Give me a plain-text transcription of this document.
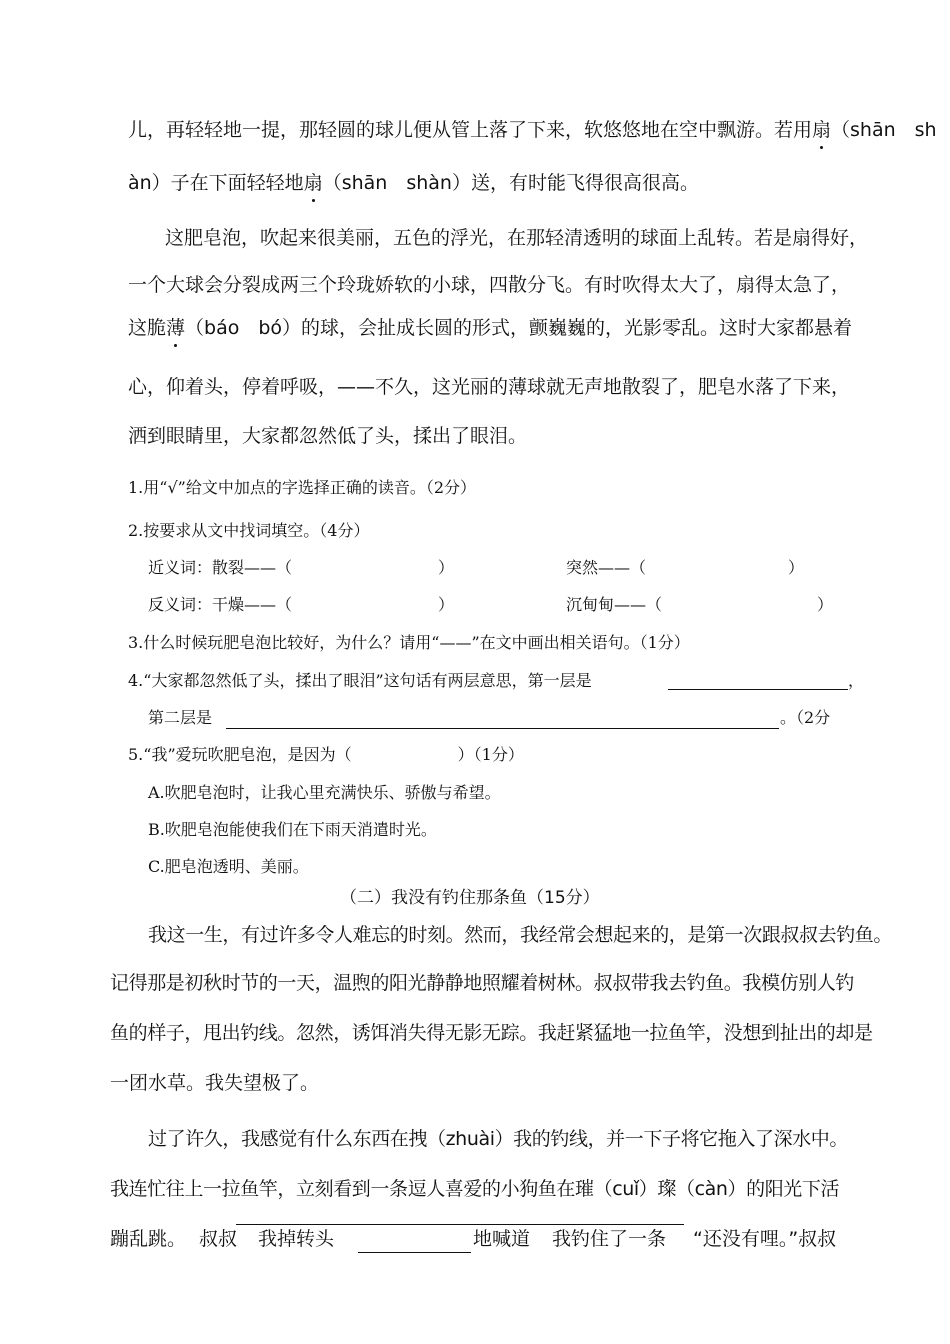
儿，再轻轻地一提，那轻圆的球儿便从管上落了下来，软悠悠地在空中飘游。若用扇（shān　sh
àn）子在下面轻轻地扇（shān　shàn）送，有时能飞得很高很高。
这肥皂泡，吹起来很美丽，五色的浮光，在那轻清透明的球面上乱转。若是扇得好，
一个大球会分裂成两三个玲珑娇软的小球，四散分飞。有时吹得太大了，扇得太急了，
这脆薄（báo　bó）的球，会扯成长圆的形式，颤巍巍的，光影零乱。这时大家都悬着
心，仰着头，停着呼吸，——不久，这光丽的薄球就无声地散裂了，肥皂水落了下来，
洒到眼睛里，大家都忽然低了头，揉出了眼泪。
1.用“√”给文中加点的字选择正确的读音。（2分）
2.按要求从文中找词填空。（4分）
近义词：散裂——（	）	突然——（	）
反义词：干燥——（	）	沉甸甸——（	）
3.什么时候玩肥皂泡比较好，为什么？请用“——”在文中画出相关语句。（1分）
4.“大家都忽然低了头，揉出了眼泪”这句话有两层意思，第一层是	，
第二层是	。（2分
5.“我”爱玩吹肥皂泡，是因为（	）（1分）
A.吹肥皂泡时，让我心里充满快乐、骄傲与希望。
B.吹肥皂泡能使我们在下雨天消遣时光。
C.肥皂泡透明、美丽。
（二）我没有钓住那条鱼（15分）
我这一生，有过许多令人难忘的时刻。然而，我经常会想起来的，是第一次跟叔叔去钓鱼。
记得那是初秋时节的一天，温煦的阳光静静地照耀着树林。叔叔带我去钓鱼。我模仿别人钓
鱼的样子，甩出钓线。忽然，诱饵消失得无影无踪。我赶紧猛地一拉鱼竿，没想到扯出的却是
一团水草。我失望极了。
过了许久，我感觉有什么东西在拽（zhuài）我的钓线，并一下子将它拖入了深水中。
我连忙往上一拉鱼竿，立刻看到一条逗人喜爱的小狗鱼在璀（cuǐ）璨（càn）的阳光下活
蹦乱跳。 叔叔 我掉转头	地喊道 我钓住了一条 “还没有哩。”叔叔
